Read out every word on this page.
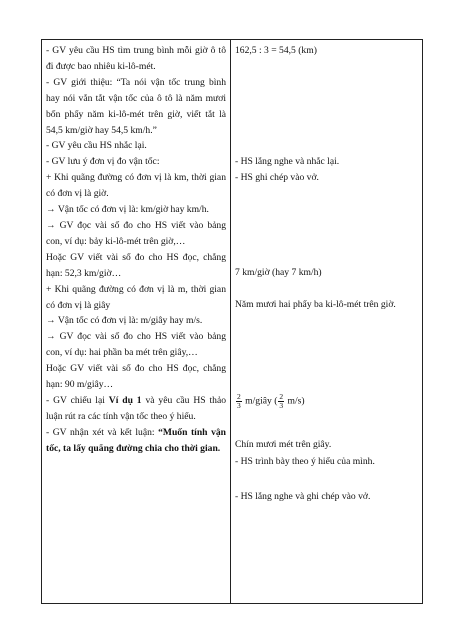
- GV yêu cầu HS tìm trung bình mỗi giờ ô tô đi được bao nhiêu ki-lô-mét.

- GV giới thiệu: “Ta nói vận tốc trung bình hay nói vắn tắt vận tốc của ô tô là năm mươi bốn phẩy năm ki-lô-mét trên giờ, viết tắt là 54,5 km/giờ hay 54,5 km/h.”

- GV yêu cầu HS nhắc lại.

- GV lưu ý đơn vị đo vận tốc:

+ Khi quãng đường có đơn vị là km, thời gian có đơn vị là giờ.

→ Vận tốc có đơn vị là: km/giờ hay km/h.

→ GV đọc vài số đo cho HS viết vào bảng con, ví dụ: bảy ki-lô-mét trên giờ,…

Hoặc GV viết vài số đo cho HS đọc, chẳng hạn: 52,3 km/giờ…

+ Khi quãng đường có đơn vị là m, thời gian có đơn vị là giây

→ Vận tốc có đơn vị là: m/giây hay m/s.

→ GV đọc vài số đo cho HS viết vào bảng con, ví dụ: hai phần ba mét trên giây,…

Hoặc GV viết vài số đo cho HS đọc, chẳng hạn: 90 m/giây…

- GV chiếu lại Ví dụ 1 và yêu cầu HS thảo luận rút ra các tính vận tốc theo ý hiểu.

- GV nhận xét và kết luận: “Muốn tính vận tốc, ta lấy quãng đường chia cho thời gian.

162,5 : 3 = 54,5 (km)

- HS lắng nghe và nhắc lại.

- HS ghi chép vào vở.

7 km/giờ (hay 7 km/h)

Năm mươi hai phẩy ba ki-lô-mét trên giờ.

$\frac{2}{3}$ m/giây ( $\frac{2}{3} m/s$)

Chín mươi mét trên giây.

- HS trình bày theo ý hiểu của mình.

- HS lắng nghe và ghi chép vào vở.
